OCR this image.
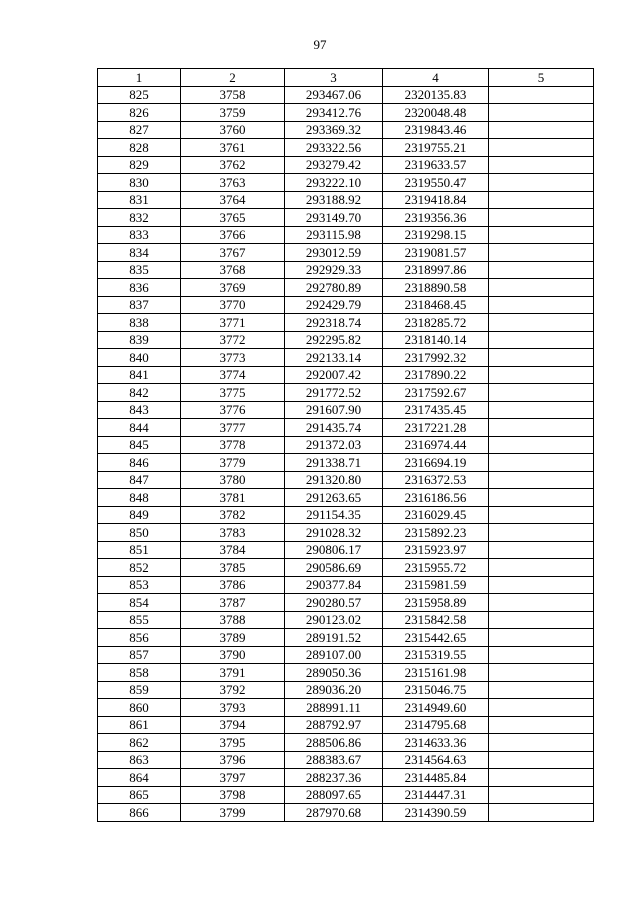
97
1	2	3	4	5
825	3758	293467.06	2320135.83	
826	3759	293412.76	2320048.48	
827	3760	293369.32	2319843.46	
828	3761	293322.56	2319755.21	
829	3762	293279.42	2319633.57	
830	3763	293222.10	2319550.47	
831	3764	293188.92	2319418.84	
832	3765	293149.70	2319356.36	
833	3766	293115.98	2319298.15	
834	3767	293012.59	2319081.57	
835	3768	292929.33	2318997.86	
836	3769	292780.89	2318890.58	
837	3770	292429.79	2318468.45	
838	3771	292318.74	2318285.72	
839	3772	292295.82	2318140.14	
840	3773	292133.14	2317992.32	
841	3774	292007.42	2317890.22	
842	3775	291772.52	2317592.67	
843	3776	291607.90	2317435.45	
844	3777	291435.74	2317221.28	
845	3778	291372.03	2316974.44	
846	3779	291338.71	2316694.19	
847	3780	291320.80	2316372.53	
848	3781	291263.65	2316186.56	
849	3782	291154.35	2316029.45	
850	3783	291028.32	2315892.23	
851	3784	290806.17	2315923.97	
852	3785	290586.69	2315955.72	
853	3786	290377.84	2315981.59	
854	3787	290280.57	2315958.89	
855	3788	290123.02	2315842.58	
856	3789	289191.52	2315442.65	
857	3790	289107.00	2315319.55	
858	3791	289050.36	2315161.98	
859	3792	289036.20	2315046.75	
860	3793	288991.11	2314949.60	
861	3794	288792.97	2314795.68	
862	3795	288506.86	2314633.36	
863	3796	288383.67	2314564.63	
864	3797	288237.36	2314485.84	
865	3798	288097.65	2314447.31	
866	3799	287970.68	2314390.59	
